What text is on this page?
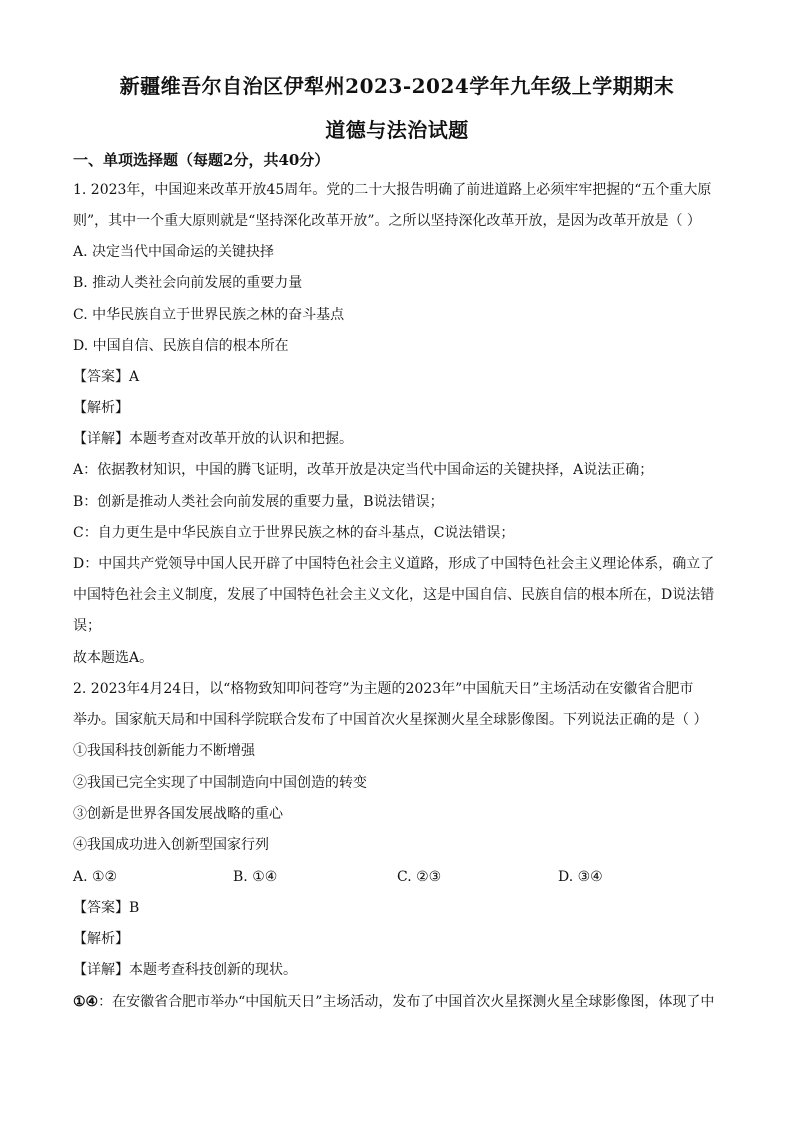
新疆维吾尔自治区伊犁州2023-2024学年九年级上学期期末
道德与法治试题
一、单项选择题（每题2分，共40分）
1. 2023年，中国迎来改革开放45周年。党的二十大报告明确了前进道路上必须牢牢把握的“五个重大原
则”，其中一个重大原则就是“坚持深化改革开放”。之所以坚持深化改革开放，是因为改革开放是（ ）
A. 决定当代中国命运的关键抉择
B. 推动人类社会向前发展的重要力量
C. 中华民族自立于世界民族之林的奋斗基点
D. 中国自信、民族自信的根本所在
【答案】A
【解析】
【详解】本题考查对改革开放的认识和把握。
A：依据教材知识，中国的腾飞证明，改革开放是决定当代中国命运的关键抉择，A说法正确；
B：创新是推动人类社会向前发展的重要力量，B说法错误；
C：自力更生是中华民族自立于世界民族之林的奋斗基点，C说法错误；
D：中国共产党领导中国人民开辟了中国特色社会主义道路，形成了中国特色社会主义理论体系，确立了
中国特色社会主义制度，发展了中国特色社会主义文化，这是中国自信、民族自信的根本所在，D说法错
误；
故本题选A。
2. 2023年4月24日，以“格物致知叩问苍穹”为主题的2023年”中国航天日”主场活动在安徽省合肥市
举办。国家航天局和中国科学院联合发布了中国首次火星探测火星全球影像图。下列说法正确的是（ ）
①我国科技创新能力不断增强
②我国已完全实现了中国制造向中国创造的转变
③创新是世界各国发展战略的重心
④我国成功进入创新型国家行列
A. ①②	B. ①④	C. ②③	D. ③④
【答案】B
【解析】
【详解】本题考查科技创新的现状。
①④：在安徽省合肥市举办“中国航天日”主场活动，发布了中国首次火星探测火星全球影像图，体现了中
